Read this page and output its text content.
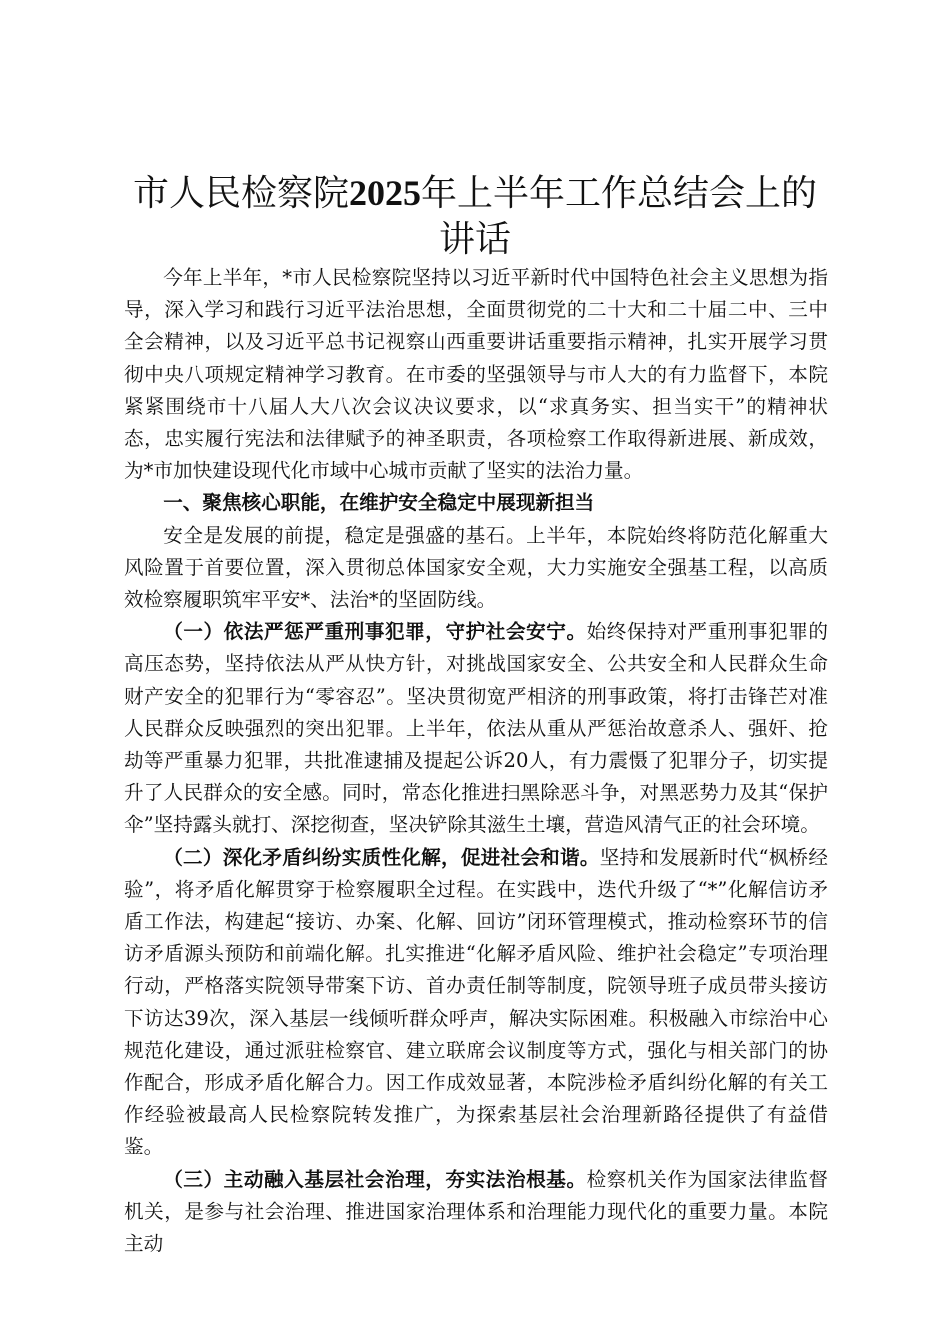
市人民检察院2025年上半年工作总结会上的
讲话

今年上半年，*市人民检察院坚持以习近平新时代中国特色社会主义思想为指导，深入学习和践行习近平法治思想，全面贯彻党的二十大和二十届二中、三中全会精神，以及习近平总书记视察山西重要讲话重要指示精神，扎实开展学习贯彻中央八项规定精神学习教育。在市委的坚强领导与市人大的有力监督下，本院紧紧围绕市十八届人大八次会议决议要求，以“求真务实、担当实干”的精神状态，忠实履行宪法和法律赋予的神圣职责，各项检察工作取得新进展、新成效，为*市加快建设现代化市域中心城市贡献了坚实的法治力量。

一、聚焦核心职能，在维护安全稳定中展现新担当

安全是发展的前提，稳定是强盛的基石。上半年，本院始终将防范化解重大风险置于首要位置，深入贯彻总体国家安全观，大力实施安全强基工程，以高质效检察履职筑牢平安*、法治*的坚固防线。

（一）依法严惩严重刑事犯罪，守护社会安宁。始终保持对严重刑事犯罪的高压态势，坚持依法从严从快方针，对挑战国家安全、公共安全和人民群众生命财产安全的犯罪行为“零容忍”。坚决贯彻宽严相济的刑事政策，将打击锋芒对准人民群众反映强烈的突出犯罪。上半年，依法从重从严惩治故意杀人、强奸、抢劫等严重暴力犯罪，共批准逮捕及提起公诉20人，有力震慑了犯罪分子，切实提升了人民群众的安全感。同时，常态化推进扫黑除恶斗争，对黑恶势力及其“保护伞”坚持露头就打、深挖彻查，坚决铲除其滋生土壤，营造风清气正的社会环境。

（二）深化矛盾纠纷实质性化解，促进社会和谐。坚持和发展新时代“枫桥经验”，将矛盾化解贯穿于检察履职全过程。在实践中，迭代升级了“*”化解信访矛盾工作法，构建起“接访、办案、化解、回访”闭环管理模式，推动检察环节的信访矛盾源头预防和前端化解。扎实推进“化解矛盾风险、维护社会稳定”专项治理行动，严格落实院领导带案下访、首办责任制等制度，院领导班子成员带头接访下访达39次，深入基层一线倾听群众呼声，解决实际困难。积极融入市综治中心规范化建设，通过派驻检察官、建立联席会议制度等方式，强化与相关部门的协作配合，形成矛盾化解合力。因工作成效显著，本院涉检矛盾纠纷化解的有关工作经验被最高人民检察院转发推广，为探索基层社会治理新路径提供了有益借鉴。

（三）主动融入基层社会治理，夯实法治根基。检察机关作为国家法律监督机关，是参与社会治理、推进国家治理体系和治理能力现代化的重要力量。本院主动
